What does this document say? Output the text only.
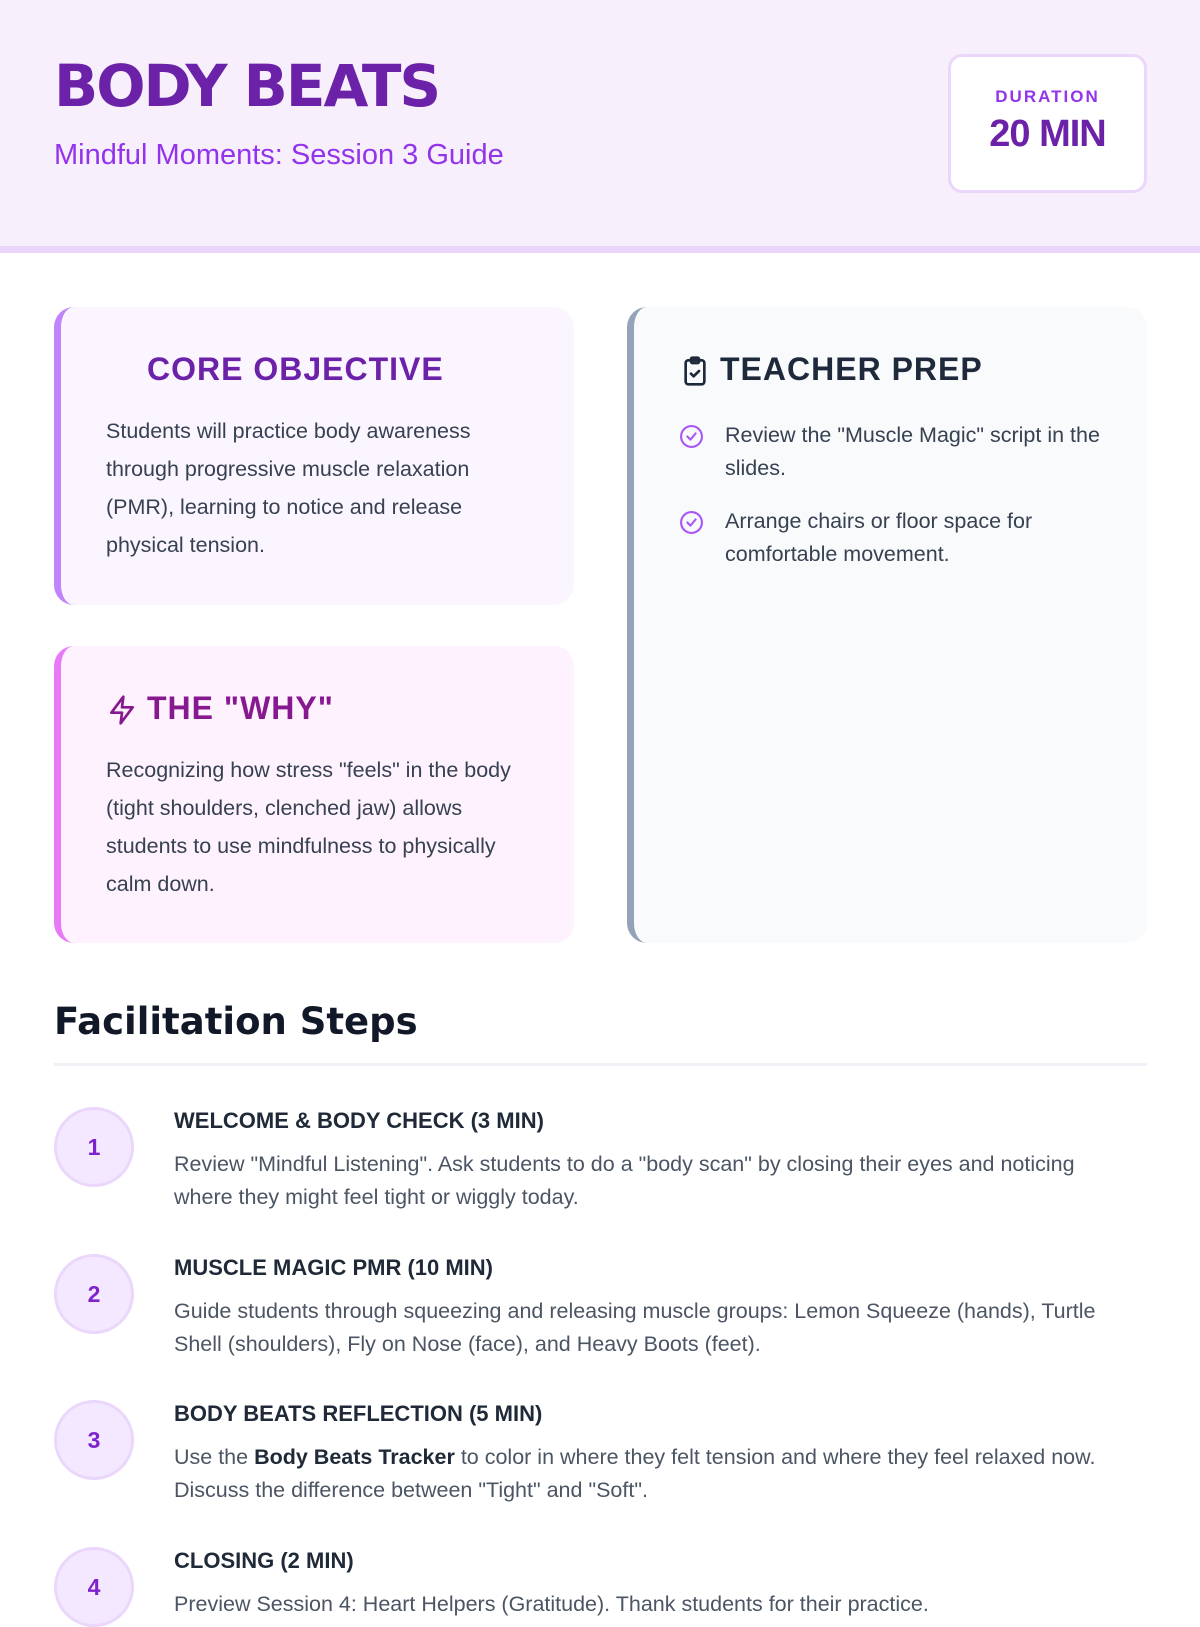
BODY BEATS
Mindful Moments: Session 3 Guide
DURATION
20 MIN
CORE OBJECTIVE
Students will practice body awareness through progressive muscle relaxation (PMR), learning to notice and release physical tension.
THE "WHY"
Recognizing how stress "feels" in the body (tight shoulders, clenched jaw) allows students to use mindfulness to physically calm down.
TEACHER PREP
Review the "Muscle Magic" script in the slides.
Arrange chairs or floor space for comfortable movement.
Facilitation Steps
1
WELCOME & BODY CHECK (3 MIN)
Review "Mindful Listening". Ask students to do a "body scan" by closing their eyes and noticing where they might feel tight or wiggly today.
2
MUSCLE MAGIC PMR (10 MIN)
Guide students through squeezing and releasing muscle groups: Lemon Squeeze (hands), Turtle Shell (shoulders), Fly on Nose (face), and Heavy Boots (feet).
3
BODY BEATS REFLECTION (5 MIN)
Use the Body Beats Tracker to color in where they felt tension and where they feel relaxed now. Discuss the difference between "Tight" and "Soft".
4
CLOSING (2 MIN)
Preview Session 4: Heart Helpers (Gratitude). Thank students for their practice.
